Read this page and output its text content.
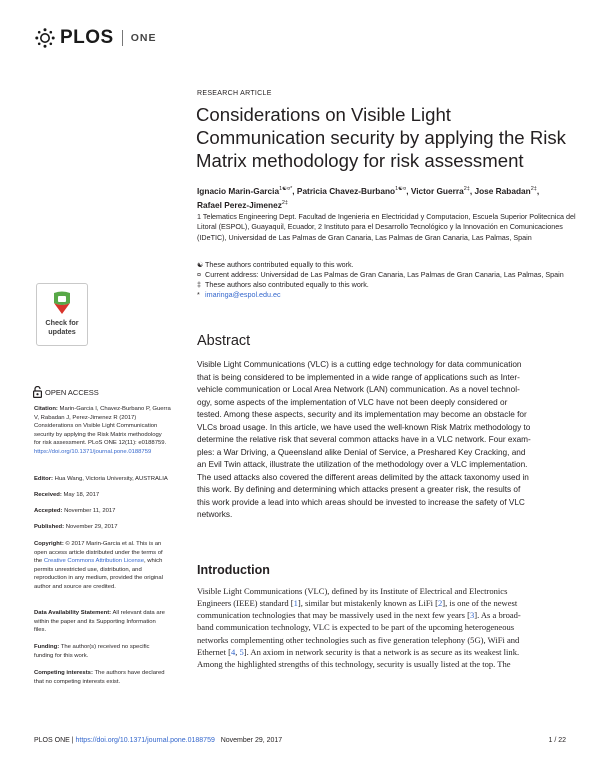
PLOS ONE
RESEARCH ARTICLE
Considerations on Visible Light
Communication security by applying the Risk
Matrix methodology for risk assessment
Ignacio Marin-Garcia$^{1☯¤*}$, Patricia Chavez-Burbano$^{1☯¤}$, Victor Guerra$^{2\ddagger}$, Jose Rabadan$^{2\ddagger}$,
Rafael Perez-Jimenez$^{2\ddagger}$
1 Telematics Engineering Dept. Facultad de Ingenieria en Electricidad y Computacion, Escuela Superior Politecnica del Litoral (ESPOL), Guayaquil, Ecuador, 2 Instituto para el Desarrollo Tecnológico y la Innovación en Comunicaciones (IDeTIC), Universidad de Las Palmas de Gran Canaria, Las Palmas de Gran Canaria, Las Palmas, Spain
☯ These authors contributed equally to this work.
¤ Current address: Universidad de Las Palmas de Gran Canaria, Las Palmas de Gran Canaria, Las Palmas, Spain
‡ These authors also contributed equally to this work.
* imaringa@espol.edu.ec
Abstract
Visible Light Communications (VLC) is a cutting edge technology for data communication
that is being considered to be implemented in a wide range of applications such as Inter-
vehicle communication or Local Area Network (LAN) communication. As a novel technol-
ogy, some aspects of the implementation of VLC have not been deeply considered or
tested. Among these aspects, security and its implementation may become an obstacle for
VLCs broad usage. In this article, we have used the well-known Risk Matrix methodology to
determine the relative risk that several common attacks have in a VLC network. Four exam-
ples: a War Driving, a Queensland alike Denial of Service, a Preshared Key Cracking, and
an Evil Twin attack, illustrate the utilization of the methodology over a VLC implementation.
The used attacks also covered the different areas delimited by the attack taxonomy used in
this work. By defining and determining which attacks present a greater risk, the results of
this work provide a lead into which areas should be invested to increase the safety of VLC
networks.
Introduction
Visible Light Communications (VLC), defined by its Institute of Electrical and Electronics
Engineers (IEEE) standard [1], similar but mistakenly known as LiFi [2], is one of the newest
communication technologies that may be massively used in the next few years [3]. As a broad-
band communication technology, VLC is expected to be part of the upcoming heterogeneous
networks complementing other technologies such as five generation telephony (5G), WiFi and
Ethernet [4, 5]. An axiom in network security is that a network is as secure as its weakest link.
Among the highlighted strengths of this technology, security is usually listed at the top. The
Check for
updates
OPEN ACCESS
Citation: Marin-Garcia I, Chavez-Burbano P, Guerra
V, Rabadan J, Perez-Jimenez R (2017)
Considerations on Visible Light Communication
security by applying the Risk Matrix methodology
for risk assessment. PLoS ONE 12(11): e0188759.
https://doi.org/10.1371/journal.pone.0188759
Editor: Hua Wang, Victoria University, AUSTRALIA
Received: May 18, 2017
Accepted: November 11, 2017
Published: November 29, 2017
Copyright: © 2017 Marin-Garcia et al. This is an
open access article distributed under the terms of
the Creative Commons Attribution License, which
permits unrestricted use, distribution, and
reproduction in any medium, provided the original
author and source are credited.
Data Availability Statement: All relevant data are
within the paper and its Supporting Information
files.
Funding: The author(s) received no specific
funding for this work.
Competing interests: The authors have declared
that no competing interests exist.
PLOS ONE | https://doi.org/10.1371/journal.pone.0188759 November 29, 2017	1 / 22
